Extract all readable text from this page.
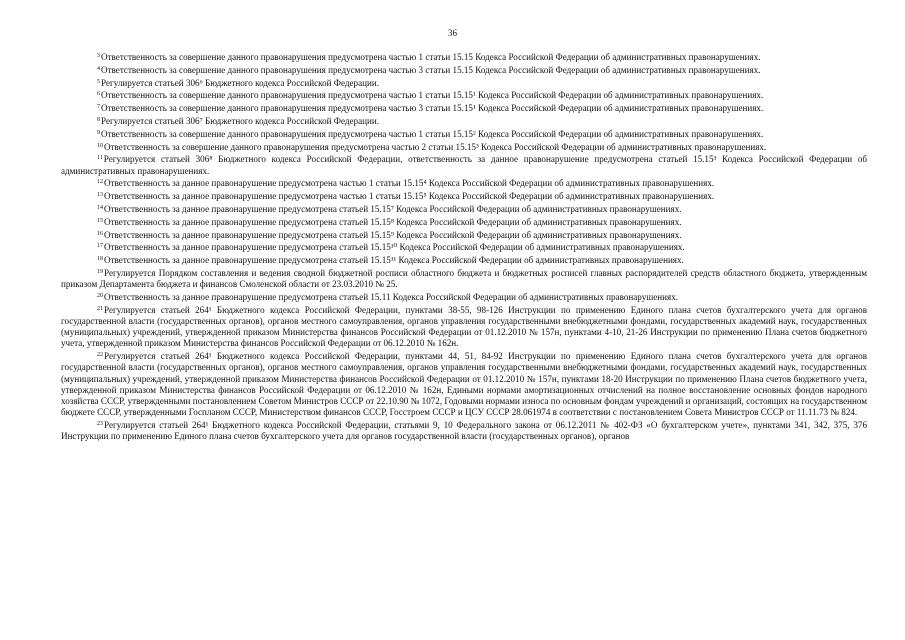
36

$^3$Ответственность за совершение данного правонарушения предусмотрена частью 1 статьи 15.15 Кодекса Российской Федерации об административных правонарушениях.

$^4$Ответственность за совершение данного правонарушения предусмотрена частью 3 статьи 15.15 Кодекса Российской Федерации об административных правонарушениях.

$^5$Регулируется статьей 306⁶ Бюджетного кодекса Российской Федерации.

$^6$Ответственность за совершение данного правонарушения предусмотрена частью 1 статьи 15.15¹ Кодекса Российской Федерации об административных правонарушениях.

$^7$Ответственность за совершение данного правонарушения предусмотрена частью 3 статьи 15.15¹ Кодекса Российской Федерации об административных правонарушениях.

$^8$Регулируется статьей 306⁷ Бюджетного кодекса Российской Федерации.

$^9$Ответственность за совершение данного правонарушения предусмотрена частью 1 статьи 15.15² Кодекса Российской Федерации об административных правонарушениях.

$^{10}$Ответственность за совершение данного правонарушения предусмотрена частью 2 статьи 15.15³ Кодекса Российской Федерации об административных правонарушениях.

$^{11}$Регулируется статьей 306⁸ Бюджетного кодекса Российской Федерации, ответственность за данное правонарушение предусмотрена статьей 15.15³ Кодекса Российской Федерации об административных правонарушениях.

$^{12}$Ответственность за данное правонарушение предусмотрена частью 1 статьи 15.15⁴ Кодекса Российской Федерации об административных правонарушениях.

$^{13}$Ответственность за данное правонарушение предусмотрена частью 1 статьи 15.15⁵ Кодекса Российской Федерации об административных правонарушениях.

$^{14}$Ответственность за данное правонарушение предусмотрена статьей 15.15⁷ Кодекса Российской Федерации об административных правонарушениях.

$^{15}$Ответственность за данное правонарушение предусмотрена статьей 15.15⁸ Кодекса Российской Федерации об административных правонарушениях.

$^{16}$Ответственность за данное правонарушение предусмотрена статьей 15.15⁹ Кодекса Российской Федерации об административных правонарушениях.

$^{17}$Ответственность за данное правонарушение предусмотрена статьей 15.15¹⁰ Кодекса Российской Федерации об административных правонарушениях.

$^{18}$Ответственность за данное правонарушение предусмотрена статьей 15.15¹¹ Кодекса Российской Федерации об административных правонарушениях.

$^{19}$Регулируется Порядком составления и ведения сводной бюджетной росписи областного бюджета и бюджетных росписей главных распорядителей средств областного бюджета, утвержденным приказом Департамента бюджета и финансов Смоленской области от 23.03.2010 № 25.

$^{20}$Ответственность за данное правонарушение предусмотрена статьей 15.11 Кодекса Российской Федерации об административных правонарушениях.

$^{21}$Регулируется статьей 264¹ Бюджетного кодекса Российской Федерации, пунктами 38-55, 98-126 Инструкции по применению Единого плана счетов бухгалтерского учета для органов государственной власти (государственных органов), органов местного самоуправления, органов управления государственными внебюджетными фондами, государственных академий наук, государственных (муниципальных) учреждений, утвержденной приказом Министерства финансов Российской Федерации от 01.12.2010 № 157н, пунктами 4-10, 21-26 Инструкции по применению Плана счетов бюджетного учета, утвержденной приказом Министерства финансов Российской Федерации от 06.12.2010 № 162н.

$^{22}$Регулируется статьей 264¹ Бюджетного кодекса Российской Федерации, пунктами 44, 51, 84-92 Инструкции по применению Единого плана счетов бухгалтерского учета для органов государственной власти (государственных органов), органов местного самоуправления, органов управления государственными внебюджетными фондами, государственных академий наук, государственных (муниципальных) учреждений, утвержденной приказом Министерства финансов Российской Федерации от 01.12.2010 № 157н, пунктами 18-20 Инструкции по применению Плана счетов бюджетного учета, утвержденной приказом Министерства финансов Российской Федерации от 06.12.2010 № 162н, Едиными нормами амортизационных отчислений на полное восстановление основных фондов народного хозяйства СССР, утвержденными постановлением Советом Министров СССР от 22.10.90 № 1072, Годовыми нормами износа по основным фондам учреждений и организаций, состоящих на государственном бюджете СССР, утвержденными Госпланом СССР, Министерством финансов СССР, Госстроем СССР и ЦСУ СССР 28.061974 в соответствии с постановлением Совета Министров СССР от 11.11.73 № 824.

$^{23}$Регулируется статьей 264¹ Бюджетного кодекса Российской Федерации, статьями 9, 10 Федерального закона от 06.12.2011 № 402-ФЗ «О бухгалтерском учете», пунктами 341, 342, 375, 376 Инструкции по применению Единого плана счетов бухгалтерского учета для органов государственной власти (государственных органов), органов
